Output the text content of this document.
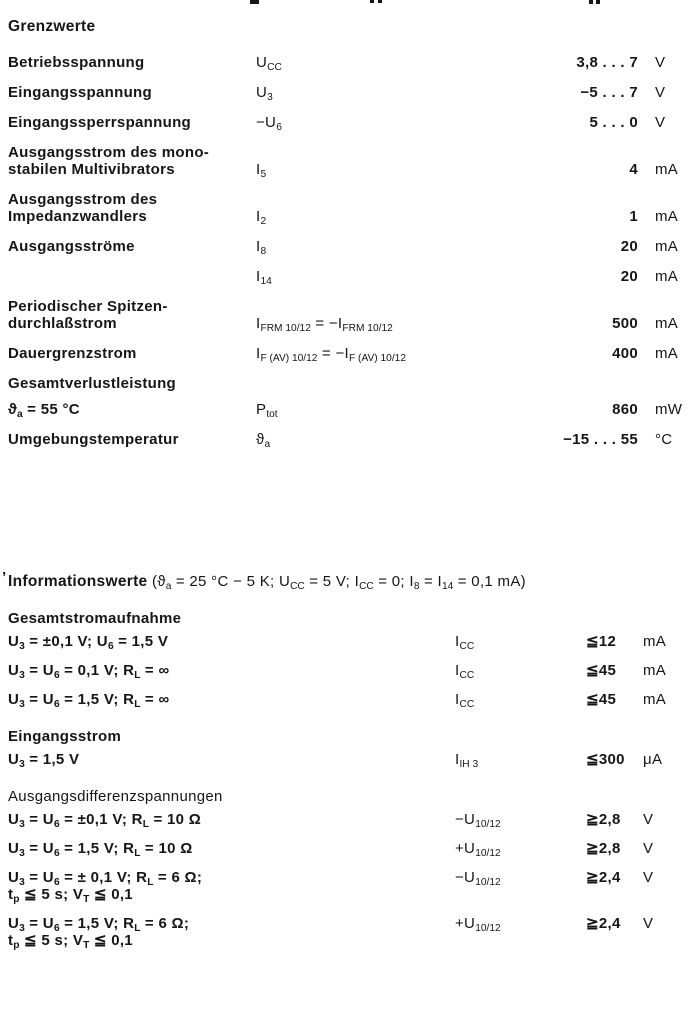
Grenzwerte
Betriebsspannung	$U_{CC}$	3,8 . . . 7	V
Eingangsspannung	$U_3$	−5 . . . 7	V
Eingangssperrspannung	$-U_6$	5 . . . 0	V
Ausgangsstrom des mono-
stabilen Multivibrators	$I_5$	4	mA
Ausgangsstrom des
Impedanzwandlers	$I_2$	1	mA
Ausgangsströme	$I_8$	20	mA
$I_{14}$	20	mA
Periodischer Spitzen-
durchlaßstrom	$I_{FRM 10/12} = -I_{FRM 10/12}$	500	mA
Dauergrenzstrom	$I_{F (AV) 10/12} = -I_{F (AV) 10/12}$	400	mA
Gesamtverlustleistung
$ϑ_a = 55$ °C	$P_{tot}$	860	mW
Umgebungstemperatur	$ϑ_a$	−15 . . . 55	°C
’ Informationswerte ($ϑ_a = 25$ °C − 5 K; $U_{CC} = 5$ V; $I_{CC} = 0$; $I_8 = I_{14} = 0,1$ mA)
Gesamtstromaufnahme
$U_3 = \pm 0,1$ V; $U_6 = 1,5$ V	$I_{CC}$	≦12	mA
$U_3 = U_6 = 0,1$ V; $R_L$ = ∞	$I_{CC}$	≦45	mA
$U_3 = U_6 = 1,5$ V; $R_L$ = ∞	$I_{CC}$	≦45	mA
Eingangsstrom
$U_3 = 1,5$ V	$I_{IH 3}$	≦300	μA
Ausgangsdifferenzspannungen
$U_3 = U_6 = \pm 0,1$ V; $R_L = 10$ Ω	$-U_{10/12}$	≧2,8	V
$U_3 = U_6 = 1,5$ V; $R_L = 10$ Ω	$+U_{10/12}$	≧2,8	V
$U_3 = U_6$ = ± 0,1 V; $R_L = 6$ Ω;
$t_p$ ≦ 5 s; $V_T$ ≦ 0,1
$-U_{10/12}$	≧2,4	V
$U_3 = U_6 = 1,5$ V; $R_L = 6$ Ω;
$t_p$ ≦ 5 s; $V_T$ ≦ 0,1
$+U_{10/12}$	≧2,4	V
